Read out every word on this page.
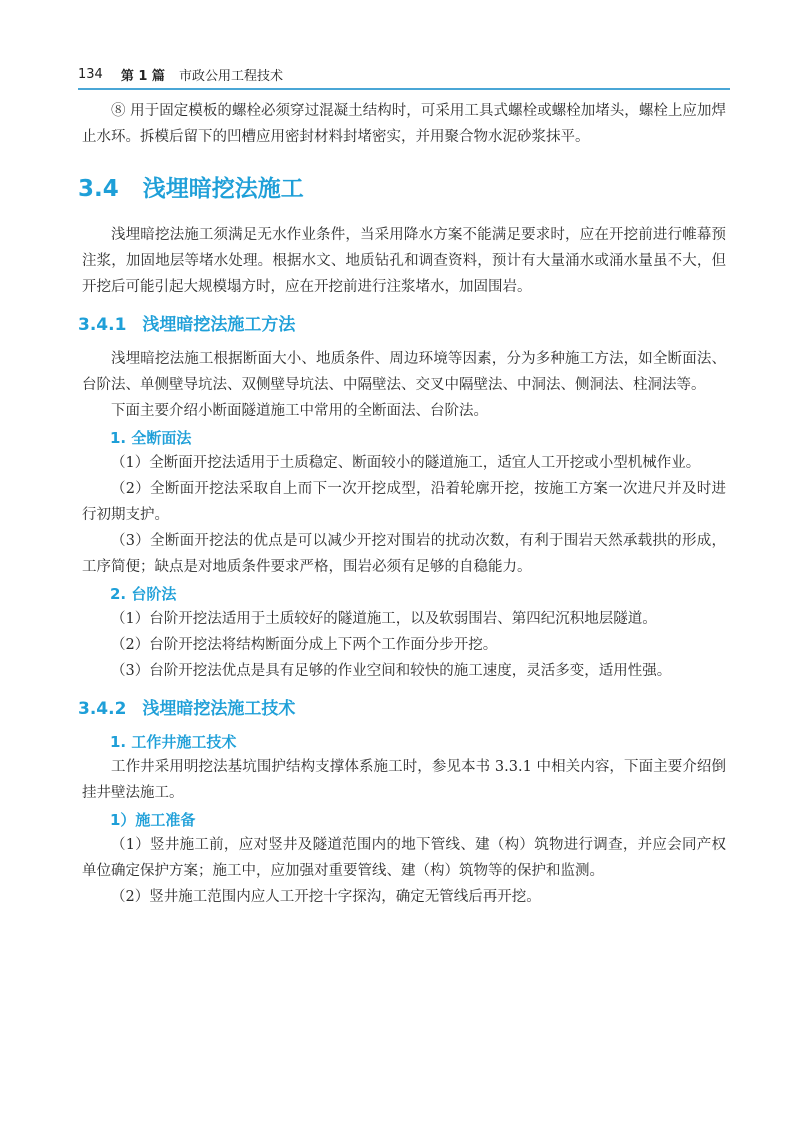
134 第 1 篇 市政公用工程技术

⑧ 用于固定模板的螺栓必须穿过混凝土结构时，可采用工具式螺栓或螺栓加堵头，螺栓上应加焊止水环。拆模后留下的凹槽应用密封材料封堵密实，并用聚合物水泥砂浆抹平。

3.4 浅埋暗挖法施工

浅埋暗挖法施工须满足无水作业条件，当采用降水方案不能满足要求时，应在开挖前进行帷幕预注浆，加固地层等堵水处理。根据水文、地质钻孔和调查资料，预计有大量涌水或涌水量虽不大，但开挖后可能引起大规模塌方时，应在开挖前进行注浆堵水，加固围岩。

3.4.1 浅埋暗挖法施工方法

浅埋暗挖法施工根据断面大小、地质条件、周边环境等因素，分为多种施工方法，如全断面法、台阶法、单侧壁导坑法、双侧壁导坑法、中隔壁法、交叉中隔壁法、中洞法、侧洞法、柱洞法等。

下面主要介绍小断面隧道施工中常用的全断面法、台阶法。

1. 全断面法

（1）全断面开挖法适用于土质稳定、断面较小的隧道施工，适宜人工开挖或小型机械作业。

（2）全断面开挖法采取自上而下一次开挖成型，沿着轮廓开挖，按施工方案一次进尺并及时进行初期支护。

（3）全断面开挖法的优点是可以减少开挖对围岩的扰动次数，有利于围岩天然承载拱的形成，工序简便；缺点是对地质条件要求严格，围岩必须有足够的自稳能力。

2. 台阶法

（1）台阶开挖法适用于土质较好的隧道施工，以及软弱围岩、第四纪沉积地层隧道。

（2）台阶开挖法将结构断面分成上下两个工作面分步开挖。

（3）台阶开挖法优点是具有足够的作业空间和较快的施工速度，灵活多变，适用性强。

3.4.2 浅埋暗挖法施工技术
1. 工作井施工技术

工作井采用明挖法基坑围护结构支撑体系施工时，参见本书 3.3.1 中相关内容，下面主要介绍倒挂井壁法施工。

1）施工准备

（1）竖井施工前，应对竖井及隧道范围内的地下管线、建（构）筑物进行调查，并应会同产权单位确定保护方案；施工中，应加强对重要管线、建（构）筑物等的保护和监测。

（2）竖井施工范围内应人工开挖十字探沟，确定无管线后再开挖。
